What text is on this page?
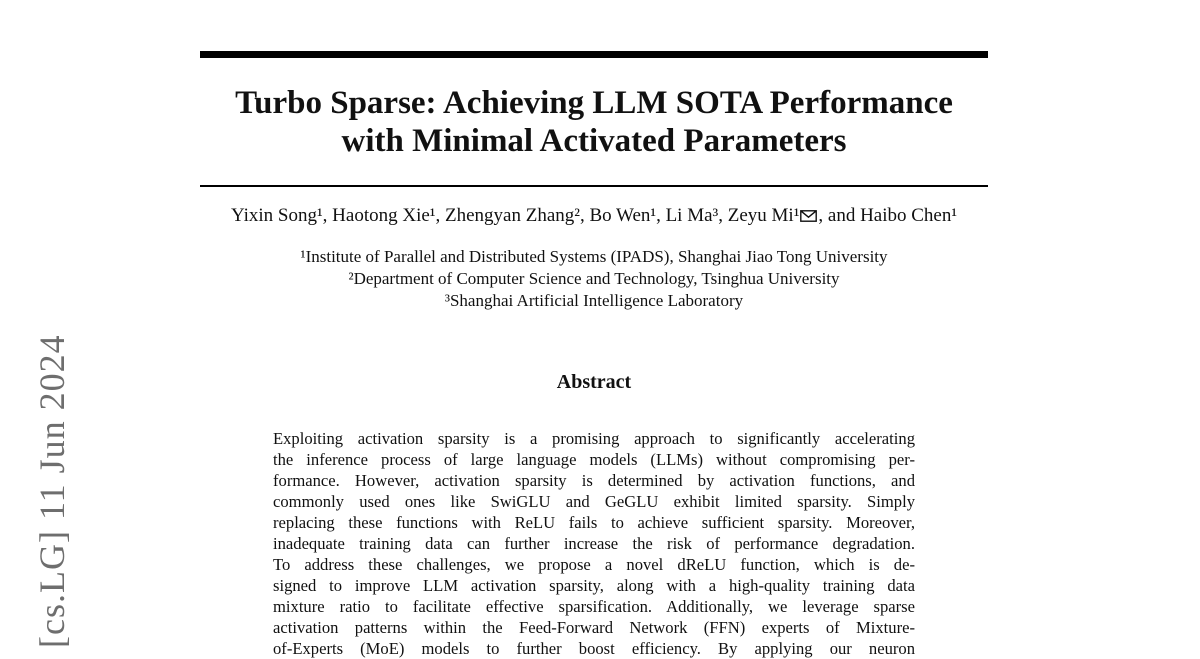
[cs.LG] 11 Jun 2024
Turbo Sparse: Achieving LLM SOTA Performance
with Minimal Activated Parameters
Yixin Song¹, Haotong Xie¹, Zhengyan Zhang², Bo Wen¹, Li Ma³, Zeyu Mi¹ , and Haibo Chen¹
¹Institute of Parallel and Distributed Systems (IPADS), Shanghai Jiao Tong University
²Department of Computer Science and Technology, Tsinghua University
³Shanghai Artificial Intelligence Laboratory
Abstract
Exploiting activation sparsity is a promising approach to significantly accelerating
the inference process of large language models (LLMs) without compromising per-
formance. However, activation sparsity is determined by activation functions, and
commonly used ones like SwiGLU and GeGLU exhibit limited sparsity. Simply
replacing these functions with ReLU fails to achieve sufficient sparsity. Moreover,
inadequate training data can further increase the risk of performance degradation.
To address these challenges, we propose a novel dReLU function, which is de-
signed to improve LLM activation sparsity, along with a high-quality training data
mixture ratio to facilitate effective sparsification. Additionally, we leverage sparse
activation patterns within the Feed-Forward Network (FFN) experts of Mixture-
of-Experts (MoE) models to further boost efficiency. By applying our neuron
